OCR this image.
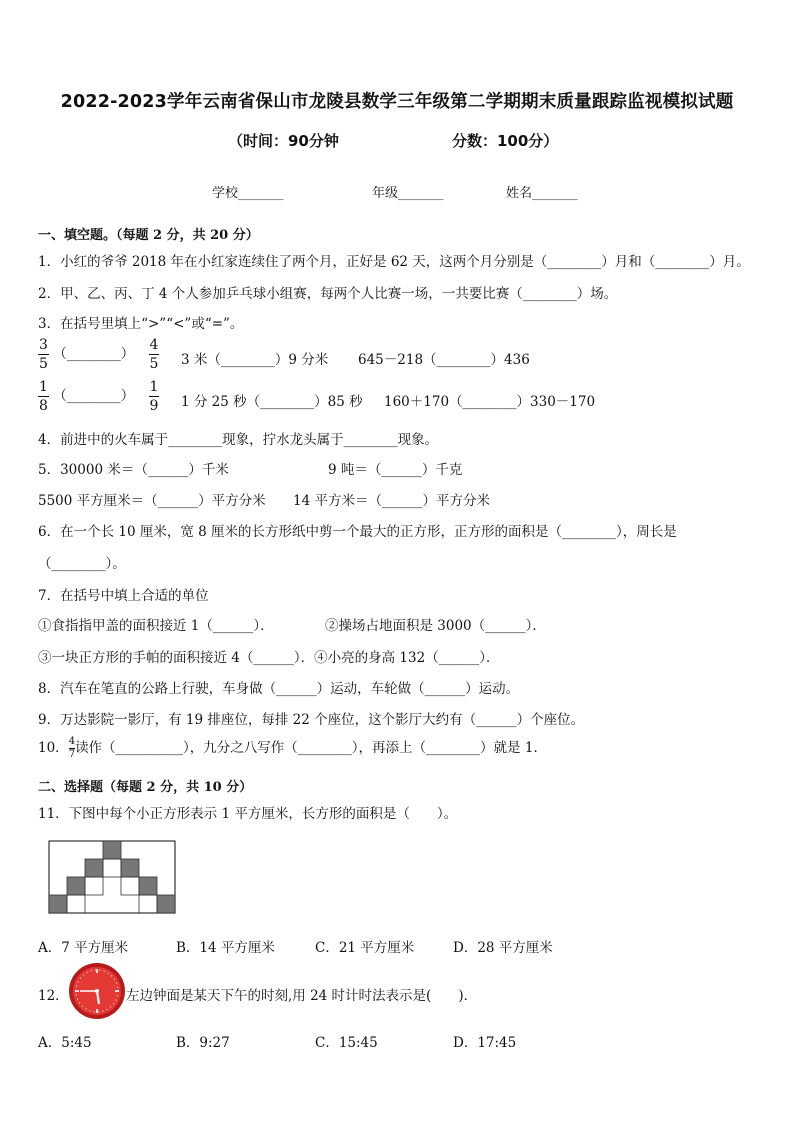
2022-2023学年云南省保山市龙陵县数学三年级第二学期期末质量跟踪监视模拟试题
（时间：90分钟	分数：100分）
学校_______	年级_______	姓名_______
一、填空题。（每题 2 分，共 20 分）
1．小红的爷爷 2018 年在小红家连续住了两个月，正好是 62 天，这两个月分别是（________）月和（________）月。
2．甲、乙、丙、丁 4 个人参加乒乓球小组赛，每两个人比赛一场，一共要比赛（________）场。
3．在括号里填上“>”“<”或“=”。
$\frac{3}{5}$ （________） $\frac{4}{5} 3$ 米（________）9 分米 645－218（________）436
$\frac{1}{8}$ （________） $\frac{1}{9} 1$ 分 25 秒（________）85 秒 160＋170（________）330－170
4．前进中的火车属于________现象，拧水龙头属于________现象。
5．30000 米＝（______）千米	9 吨＝（______）千克
5500 平方厘米＝（______）平方分米 14 平方米＝（______）平方分米
6．在一个长 10 厘米，宽 8 厘米的长方形纸中剪一个最大的正方形，正方形的面积是（________），周长是
（________）。
7．在括号中填上合适的单位
①食指指甲盖的面积接近 1（______）．	②操场占地面积是 3000（______）．
③一块正方形的手帕的面积接近 4（______）．④小亮的身高 132（______）．
8．汽车在笔直的公路上行驶，车身做（______）运动，车轮做（______）运动。
9．万达影院一影厅，有 19 排座位，每排 22 个座位，这个影厅大约有（______）个座位。
10． $\frac{4}{7}$ 读作（__________），九分之八写作（________），再添上（________）就是 1．
二、选择题（每题 2 分，共 10 分）
11．下图中每个小正方形表示 1 平方厘米，长方形的面积是（　　）。
A．7 平方厘米	B．14 平方厘米	C．21 平方厘米	D．28 平方厘米
12．	左边钟面是某天下午的时刻,用 24 时计时法表示是(　　)．
A．5:45	B．9:27	C．15:45	D．17:45
